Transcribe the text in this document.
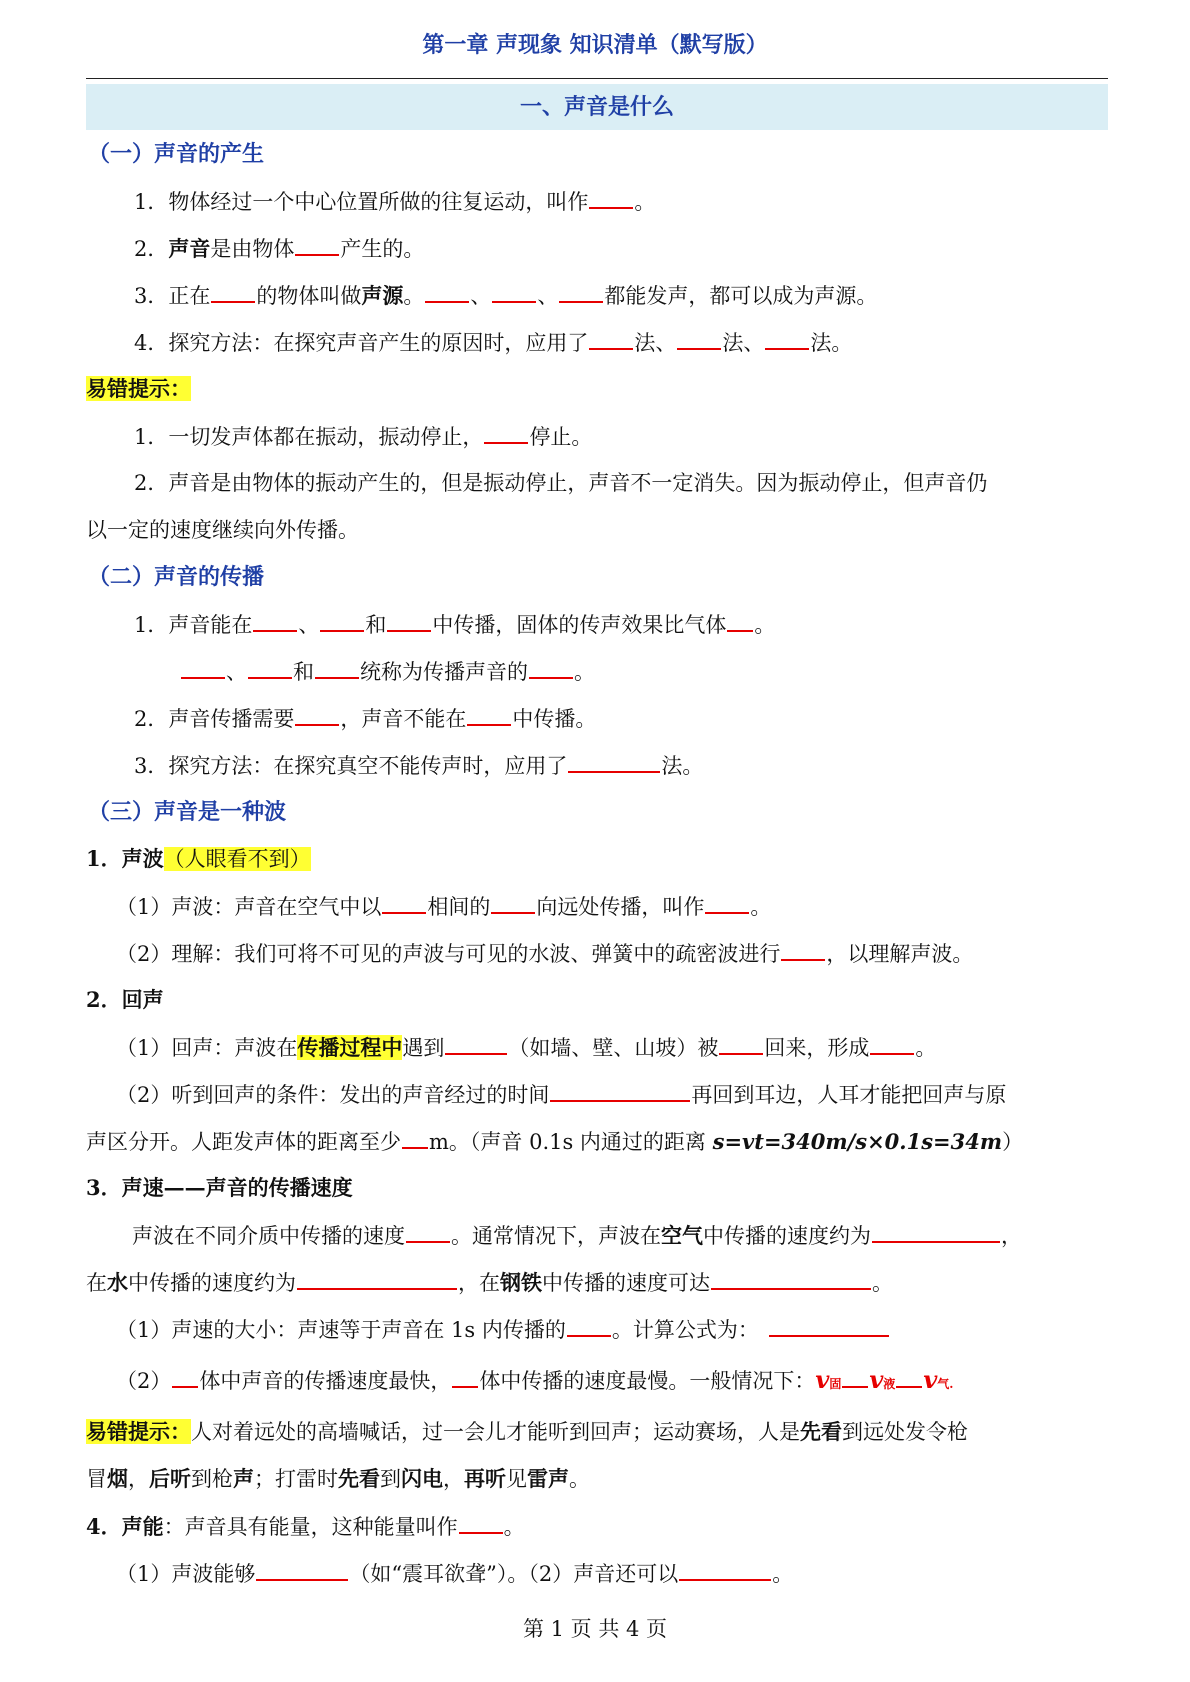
第一章 声现象 知识清单（默写版）
一、声音是什么
（一）声音的产生
1．物体经过一个中心位置所做的往复运动，叫作 。
2．声音是由物体 产生的。
3．正在 的物体叫做声源。 、 、 都能发声，都可以成为声源。
4．探究方法：在探究声音产生的原因时，应用了 法、 法、 法。
易错提示：
1．一切发声体都在振动，振动停止， 停止。
2．声音是由物体的振动产生的，但是振动停止，声音不一定消失。因为振动停止，但声音仍
以一定的速度继续向外传播。
（二）声音的传播
1．声音能在 、 和 中传播，固体的传声效果比气体 。
、 和 统称为传播声音的 。
2．声音传播需要 ，声音不能在 中传播。
3．探究方法：在探究真空不能传声时，应用了	法。
（三）声音是一种波
1．声波（人眼看不到）
（1）声波：声音在空气中以 相间的 向远处传播，叫作 。
（2）理解：我们可将不可见的声波与可见的水波、弹簧中的疏密波进行 ，以理解声波。
2．回声
（1）回声：声波在传播过程中遇到	（如墙、壁、山坡）被 回来，形成 。
（2）听到回声的条件：发出的声音经过的时间	再回到耳边，人耳才能把回声与原
声区分开。人距发声体的距离至少 m。（声音 0.1s 内通过的距离 s=vt=340m/s×0.1s=34m）
3．声速——声音的传播速度
声波在不同介质中传播的速度 。通常情况下，声波在空气中传播的速度约为	，
在水中传播的速度约为	，在钢铁中传播的速度可达	。
（1）声速的大小：声速等于声音在 1s 内传播的 。计算公式为：
（2） 体中声音的传播速度最快， 体中传播的速度最慢。一般情况下：v固 v液 v气.
易错提示：人对着远处的高墙喊话，过一会儿才能听到回声；运动赛场，人是先看到远处发令枪
冒烟，后听到枪声；打雷时先看到闪电，再听见雷声。
4．声能：声音具有能量，这种能量叫作 。
（1）声波能够	（如“震耳欲聋”）。（2）声音还可以	。
第 1 页 共 4 页
